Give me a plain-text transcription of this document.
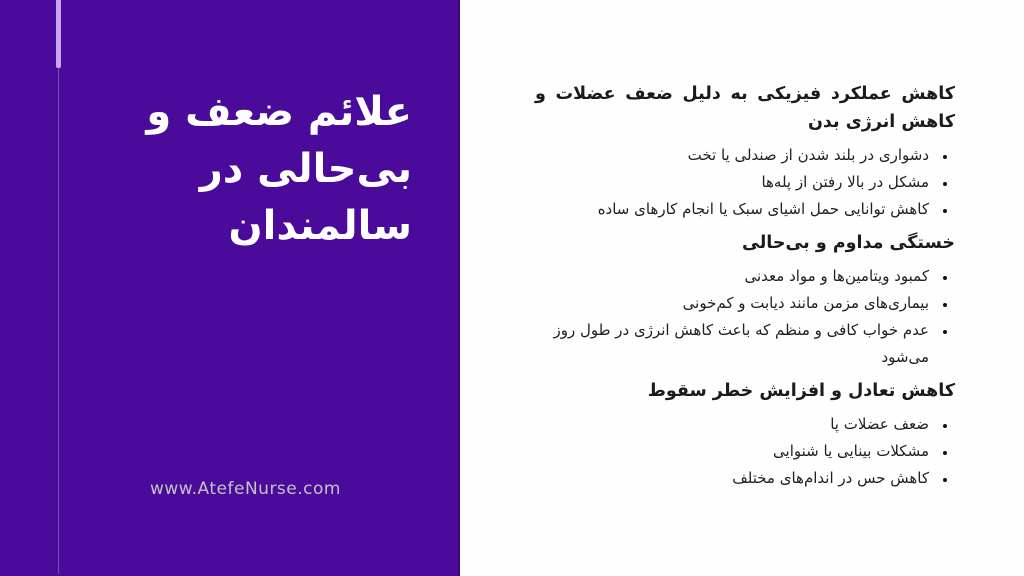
علائم ضعف و
بی‌حالی در
سالمندان
www.AtefeNurse.com
کاهش عملکرد فیزیکی به دلیل ضعف عضلات و کاهش انرژی بدن
• دشواری در بلند شدن از صندلی یا تخت
• مشکل در بالا رفتن از پله‌ها
• کاهش توانایی حمل اشیای سبک یا انجام کارهای ساده
خستگی مداوم و بی‌حالی
• کمبود ویتامین‌ها و مواد معدنی
• بیماری‌های مزمن مانند دیابت و کم‌خونی
• عدم خواب کافی و منظم که باعث کاهش انرژی در طول روز می‌شود
کاهش تعادل و افزایش خطر سقوط
• ضعف عضلات پا
• مشکلات بینایی یا شنوایی
• کاهش حس در اندام‌های مختلف
